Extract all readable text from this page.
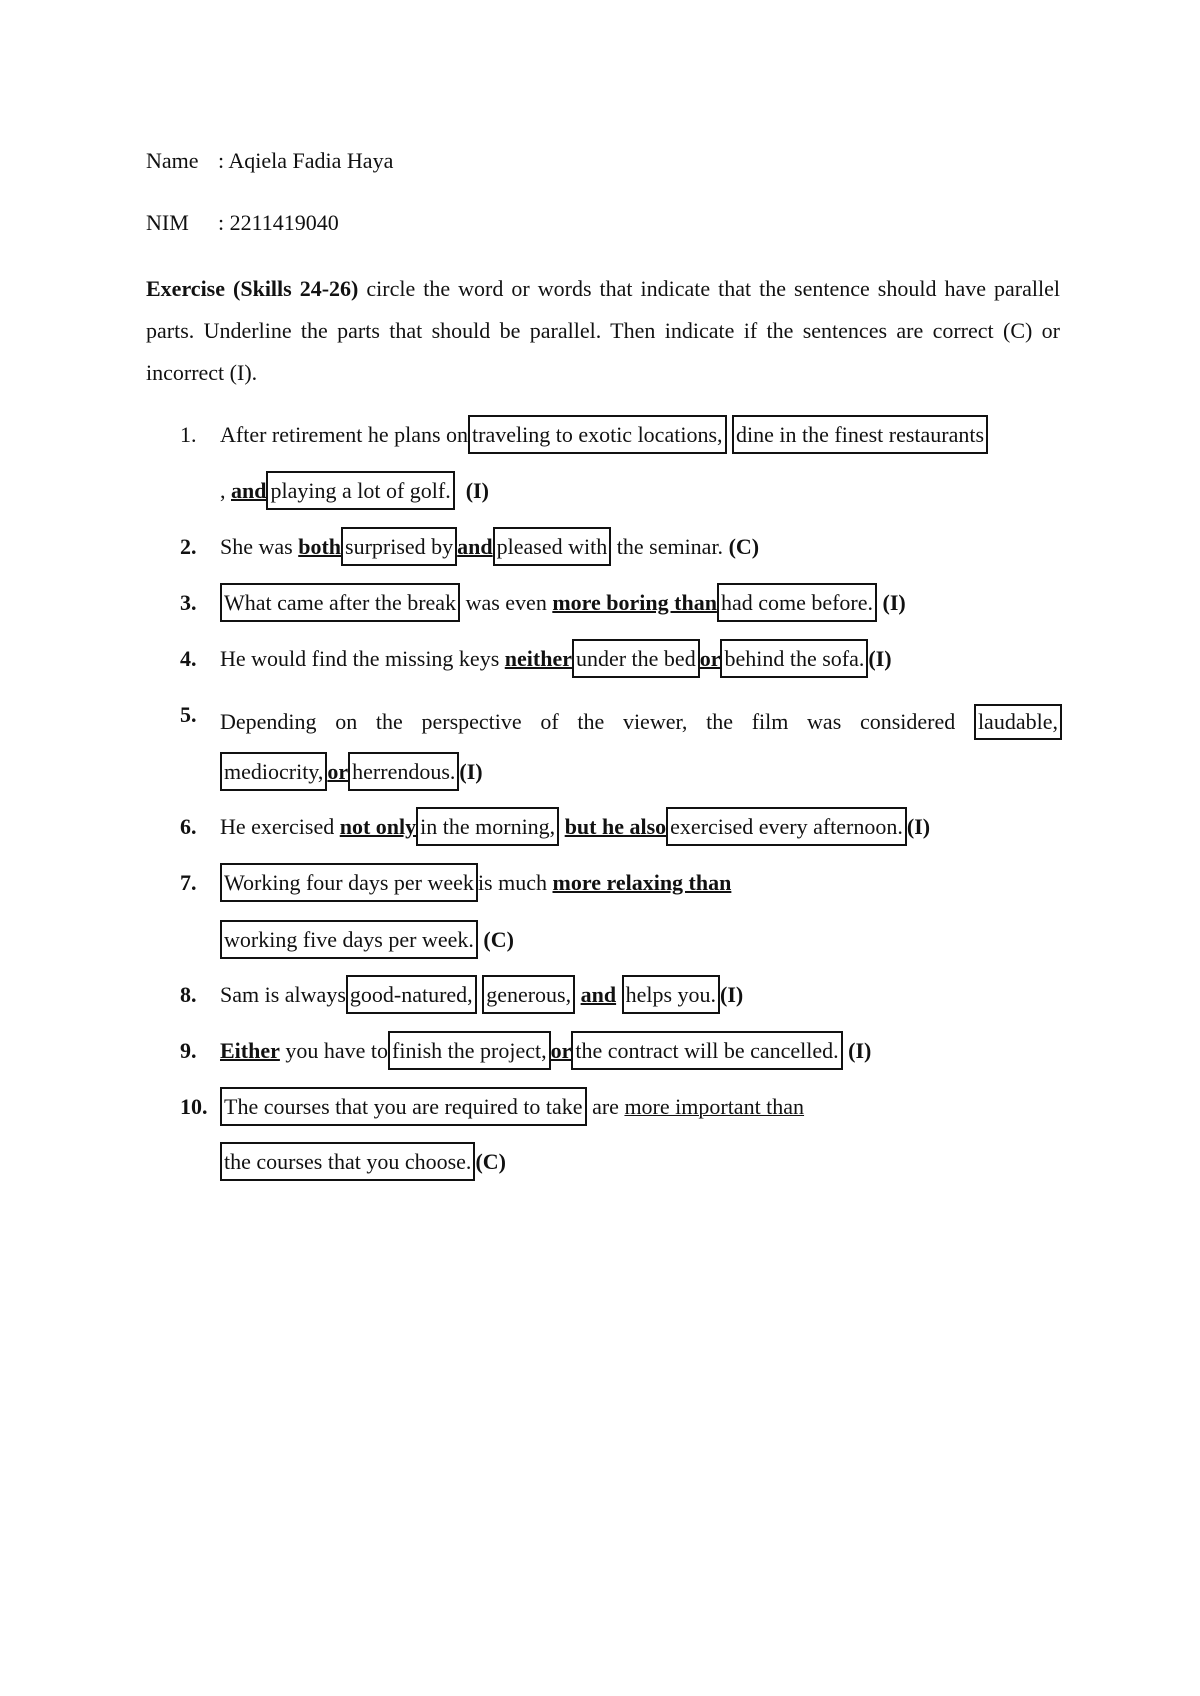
Name : Aqiela Fadia Haya
NIM : 2211419040
Exercise (Skills 24-26) circle the word or words that indicate that the sentence should have parallel parts. Underline the parts that should be parallel. Then indicate if the sentences are correct (C) or incorrect (I).
1. After retirement he plans on traveling to exotic locations, dine in the finest restaurants
, and playing a lot of golf. (I)
2. She was both surprised by and pleased with the seminar. (C)
3. What came after the break was even more boring than had come before. (I)
4. He would find the missing keys neither under the bed or behind the sofa. (I)
5. Depending on the perspective of the viewer, the film was considered laudable,
mediocrity, or herrendous. (I)
6. He exercised not only in the morning, but he also exercised every afternoon. (I)
7. Working four days per week is much more relaxing than
working five days per week. (C)
8. Sam is always good-natured, generous, and helps you. (I)
9. Either you have to finish the project, or the contract will be cancelled. (I)
10. The courses that you are required to take are more important than
the courses that you choose. (C)
